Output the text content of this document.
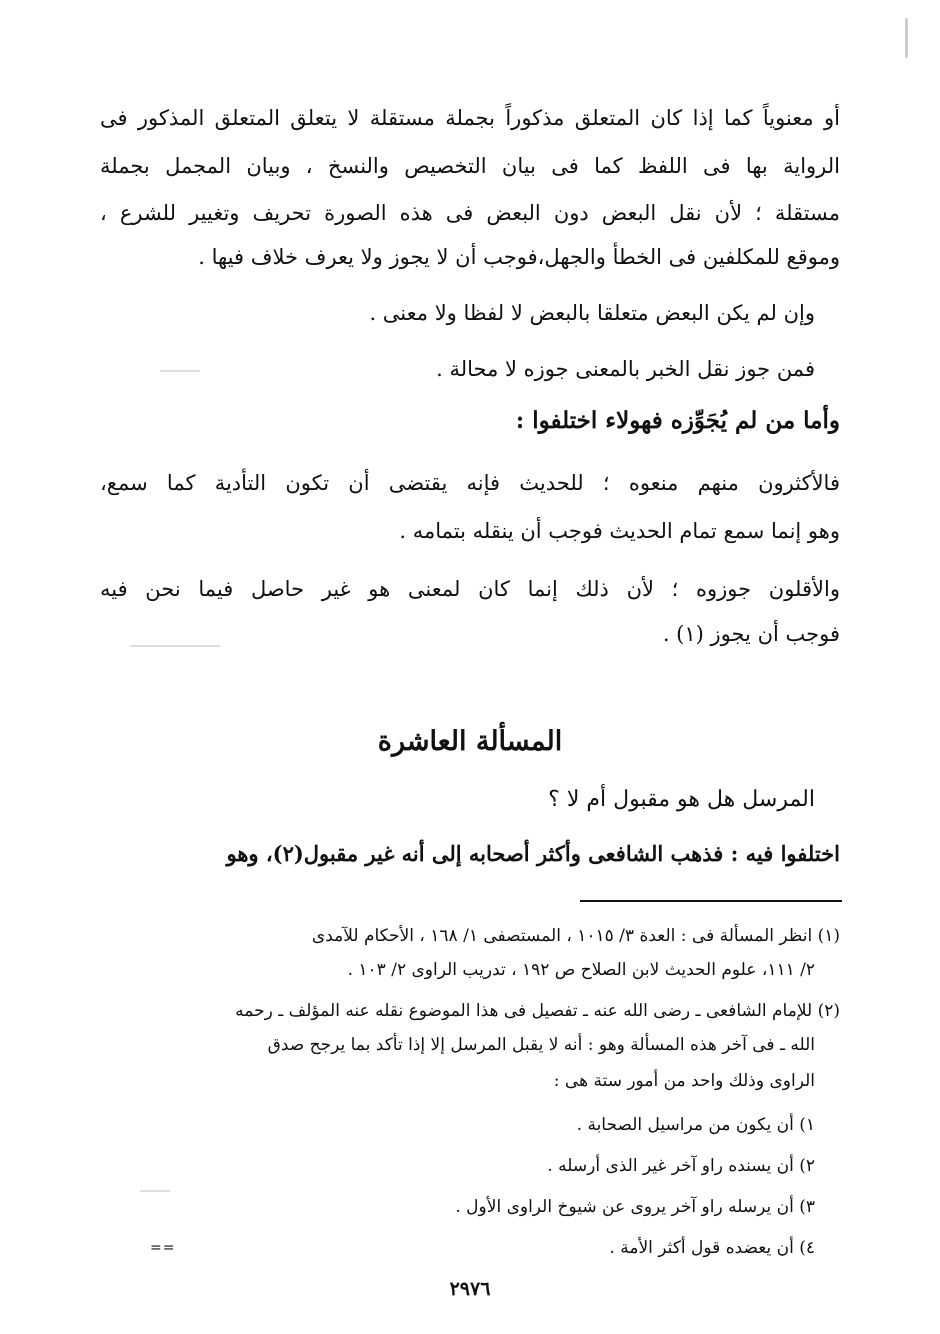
أو معنوياً كما إذا كان المتعلق مذكوراً بجملة مستقلة لا يتعلق المتعلق المذكور فى
الرواية بها فى اللفظ كما فى بيان التخصيص والنسخ ، وبيان المجمل بجملة
مستقلة ؛ لأن نقل البعض دون البعض فى هذه الصورة تحريف وتغيير للشرع ،
وموقع للمكلفين فى الخطأ والجهل،فوجب أن لا يجوز ولا يعرف خلاف فيها .
وإن لم يكن البعض متعلقا بالبعض لا لفظا ولا معنى .
فمن جوز نقل الخبر بالمعنى جوزه لا محالة .
وأما من لم يُجَوِّزه فهولاء اختلفوا :
فالأكثرون منهم منعوه ؛ للحديث فإنه يقتضى أن تكون التأدية كما سمع،
وهو إنما سمع تمام الحديث فوجب أن ينقله بتمامه .
والأقلون جوزوه ؛ لأن ذلك إنما كان لمعنى هو غير حاصل فيما نحن فيه
فوجب أن يجوز (١) .
المسألة العاشرة
المرسل هل هو مقبول أم لا ؟
اختلفوا فيه : فذهب الشافعى وأكثر أصحابه إلى أنه غير مقبول(٢)، وهو
(١) انظر المسألة فى : العدة ٣/ ١٠١٥ ، المستصفى ١/ ١٦٨ ، الأحكام للآمدى
٢/ ١١١، علوم الحديث لابن الصلاح ص ١٩٢ ، تدريب الراوى ٢/ ١٠٣ .
(٢) للإمام الشافعى ـ رضى الله عنه ـ تفصيل فى هذا الموضوع نقله عنه المؤلف ـ رحمه
الله ـ فى آخر هذه المسألة وهو : أنه لا يقبل المرسل إلا إذا تأكد بما يرجح صدق
الراوى وذلك واحد من أمور ستة هى :
١) أن يكون من مراسيل الصحابة .
٢) أن يسنده راو آخر غير الذى أرسله .
٣) أن يرسله راو آخر يروى عن شيوخ الراوى الأول .
٤) أن يعضده قول أكثر الأمة .
==
٢٩٧٦
